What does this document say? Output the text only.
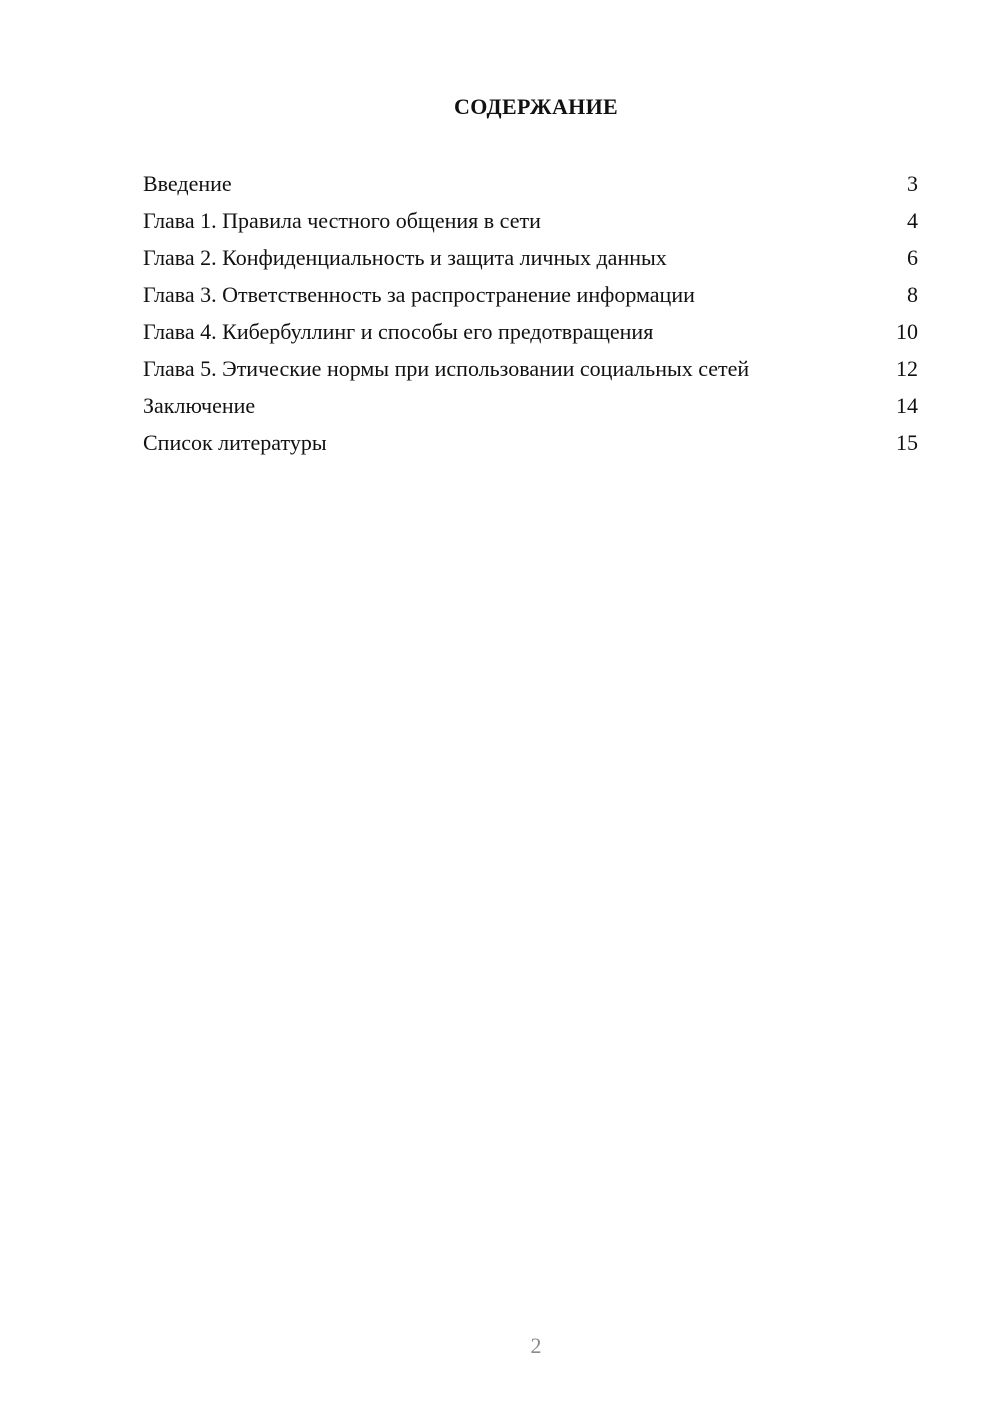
СОДЕРЖАНИЕ
Введение	3
Глава 1. Правила честного общения в сети	4
Глава 2. Конфиденциальность и защита личных данных	6
Глава 3. Ответственность за распространение информации	8
Глава 4. Кибербуллинг и способы его предотвращения	10
Глава 5. Этические нормы при использовании социальных сетей	12
Заключение	14
Список литературы	15
2
